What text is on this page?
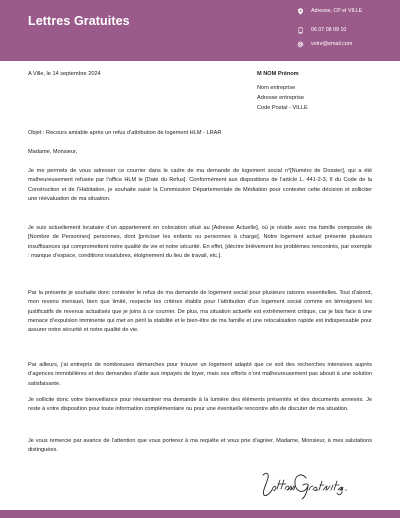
Lettres Gratuites
Adresse, CP et VILLE
06 07 08 09 10
votre@email.com

A Ville, le 14 septembre 2024	M NOM Prénom

Nom entreprise

Adresse entreprise

Code Postal - VILLE

Objet : Recours amiable après un refus d’attribution de logement HLM - LRAR

Madame, Monsieur,

Je me permets de vous adresser ce courrier dans le cadre de ma demande de logement social n°[Numéro de Dossier], qui a été malheureusement refusée par l’office HLM le [Date du Refus]. Conformément aux dispositions de l’article L. 441-2-3, II du Code de la Construction et de l’Habitation, je souhaite saisir la Commission Départementale de Médiation pour contester cette décision et solliciter une réévaluation de ma situation.

Je suis actuellement locataire d’un appartement en colocation situé au [Adresse Actuelle], où je réside avec ma famille composée de [Nombre de Personnes] personnes, dont [préciser les enfants ou personnes à charge]. Notre logement actuel présente plusieurs insuffisances qui compromettent notre qualité de vie et notre sécurité. En effet, [décrire brièvement les problèmes rencontrés, par exemple : manque d’espace, conditions insalubres, éloignement du lieu de travail, etc.].

Par la présente je souhaite donc contester le refus de ma demande de logement social pour plusieurs raisons essentielles. Tout d’abord, mon revenu mensuel, bien que limité, respecte les critères établis pour l’attribution d’un logement social comme en témoignent les justificatifs de revenus actualisés que je joins à ce courrier. De plus, ma situation actuelle est extrêmement critique, car je fais face à une menace d’expulsion imminente qui met en péril la stabilité et le bien-être de ma famille et une relocalisation rapide est indispensable pour assurer notre sécurité et notre qualité de vie.

Par ailleurs, j’ai entrepris de nombreuses démarches pour trouver un logement adapté que ce soit des recherches intensives auprès d’agences immobilières et des demandes d’aide aux impayés de loyer, mais ces efforts n’ont malheureusement pas abouti à une solution satisfaisante.

Je sollicite donc votre bienveillance pour réexaminer ma demande à la lumière des éléments présentés et des documents annexés. Je reste à votre disposition pour toute information complémentaire ou pour une éventuelle rencontre afin de discuter de ma situation.

Je vous remercie par avance de l’attention que vous porterez à ma requête et vous prie d’agréer, Madame, Monsieur, à mes salutations distinguées.
